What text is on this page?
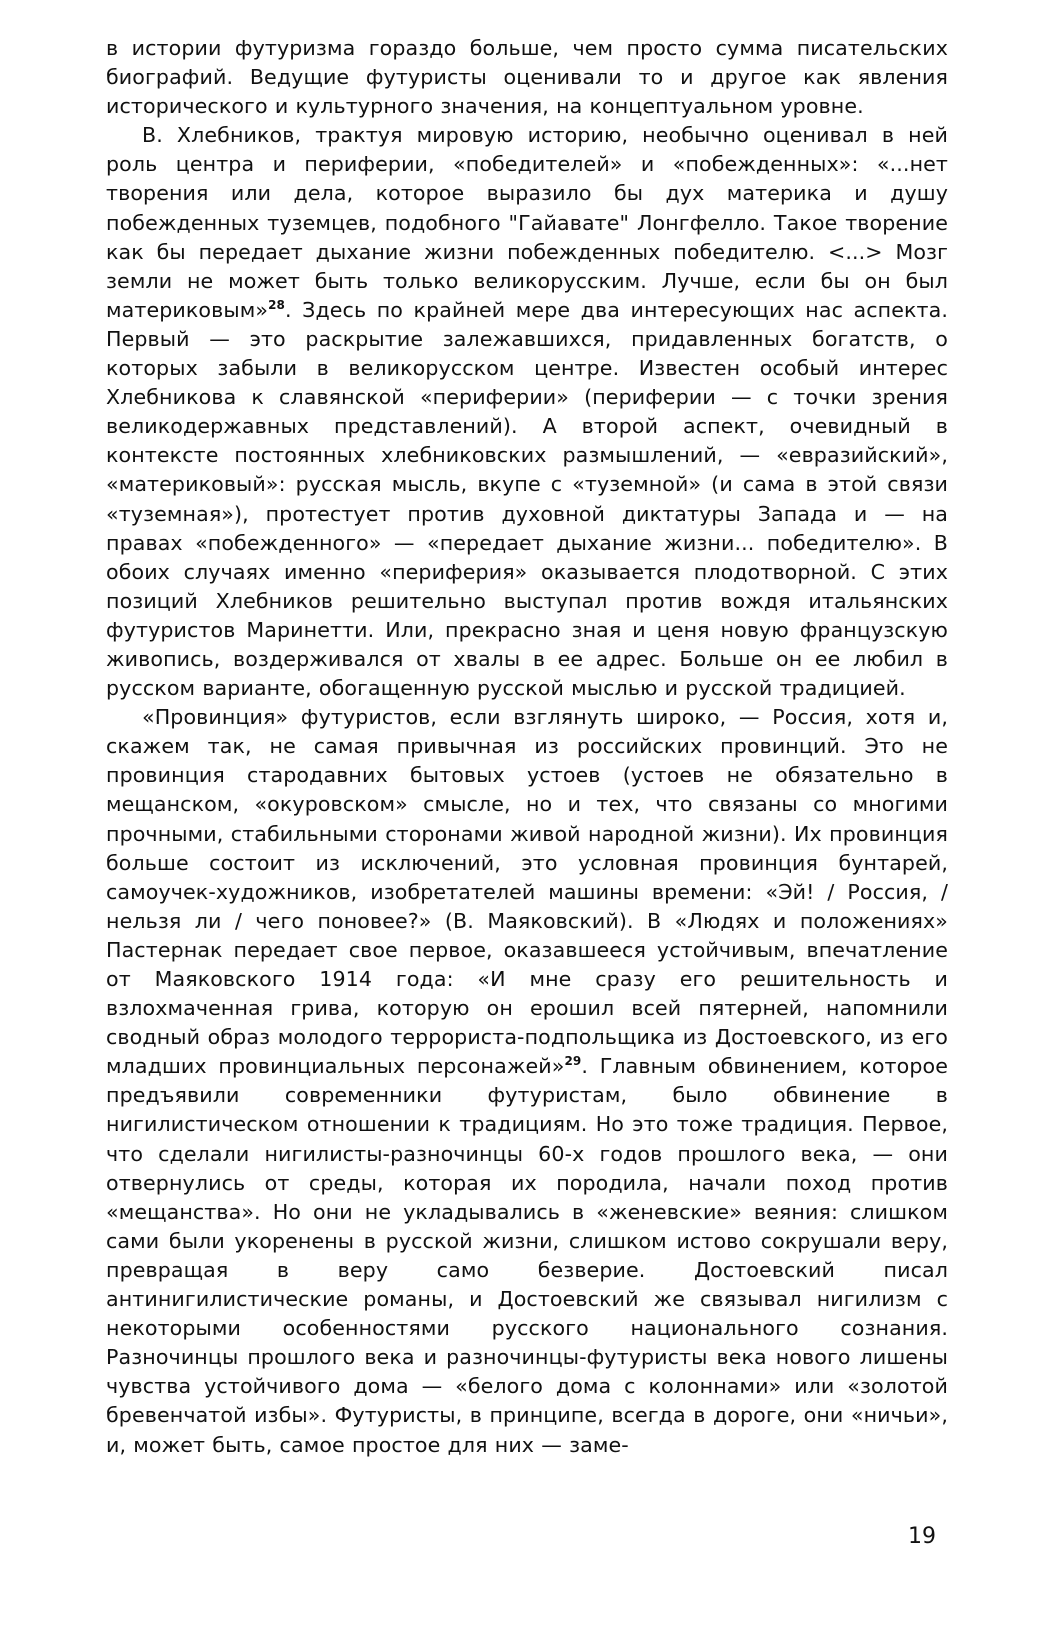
в истории футуризма гораздо больше, чем просто сумма писательских биографий. Ведущие футуристы оценивали то и другое как явления исторического и культурного значения, на концептуальном уровне.

В. Хлебников, трактуя мировую историю, необычно оценивал в ней роль центра и периферии, «победителей» и «побежденных»: «...нет творения или дела, которое выразило бы дух материка и душу побежденных туземцев, подобного "Гайавате" Лонгфелло. Такое творение как бы передает дыхание жизни побежденных победителю. <...> Мозг земли не может быть только великорусским. Лучше, если бы он был материковым»$^{28}$. Здесь по крайней мере два интересующих нас аспекта. Первый — это раскрытие залежавшихся, придавленных богатств, о которых забыли в великорусском центре. Известен особый интерес Хлебникова к славянской «периферии» (периферии — с точки зрения великодержавных представлений). А второй аспект, очевидный в контексте постоянных хлебниковских размышлений, — «евразийский», «материковый»: русская мысль, вкупе с «туземной» (и сама в этой связи «туземная»), протестует против духовной диктатуры Запада и — на правах «побежденного» — «передает дыхание жизни... победителю». В обоих случаях именно «периферия» оказывается плодотворной. С этих позиций Хлебников решительно выступал против вождя итальянских футуристов Маринетти. Или, прекрасно зная и ценя новую французскую живопись, воздерживался от хвалы в ее адрес. Больше он ее любил в русском варианте, обогащенную русской мыслью и русской традицией.

«Провинция» футуристов, если взглянуть широко, — Россия, хотя и, скажем так, не самая привычная из российских провинций. Это не провинция стародавних бытовых устоев (устоев не обязательно в мещанском, «окуровском» смысле, но и тех, что связаны со многими прочными, стабильными сторонами живой народной жизни). Их провинция больше состоит из исключений, это условная провинция бунтарей, самоучек-художников, изобретателей машины времени: «Эй! / Россия, / нельзя ли / чего поновее?» (В. Маяковский). В «Людях и положениях» Пастернак передает свое первое, оказавшееся устойчивым, впечатление от Маяковского 1914 года: «И мне сразу его решительность и взлохмаченная грива, которую он ерошил всей пятерней, напомнили сводный образ молодого террориста-подпольщика из Достоевского, из его младших провинциальных персонажей»$^{29}$. Главным обвинением, которое предъявили современники футуристам, было обвинение в нигилистическом отношении к традициям. Но это тоже традиция. Первое, что сделали нигилисты-разночинцы 60-х годов прошлого века, — они отвернулись от среды, которая их породила, начали поход против «мещанства». Но они не укладывались в «женевские» веяния: слишком сами были укоренены в русской жизни, слишком истово сокрушали веру, превращая в веру само безверие. Достоевский писал антинигилистические романы, и Достоевский же связывал нигилизм с некоторыми особенностями русского национального сознания. Разночинцы прошлого века и разночинцы-футуристы века нового лишены чувства устойчивого дома — «белого дома с колоннами» или «золотой бревенчатой избы». Футуристы, в принципе, всегда в дороге, они «ничьи», и, может быть, самое простое для них — заме-

19
